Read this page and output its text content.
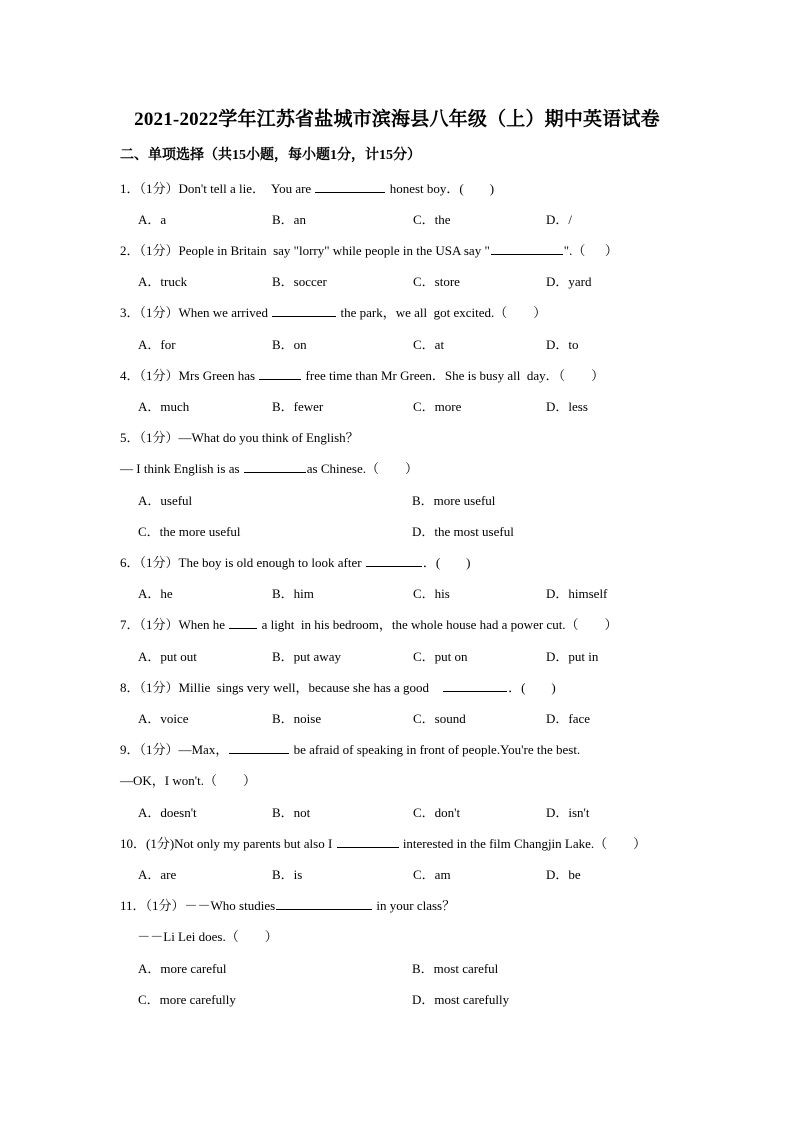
2021-2022学年江苏省盐城市滨海县八年级（上）期中英语试卷
二、单项选择（共15小题，每小题1分，计15分）
1．（1分）Don't tell a lie．  You are	honest boy．(        )
A．a	B．an	C．the	D．/
2．（1分）People in Britain  say "lorry" while people in the USA say "	".（      ）
A．truck	B．soccer	C．store	D．yard
3．（1分）When we arrived	the park，we all  got excited.（        ）
A．for	B．on	C．at	D．to
4．（1分）Mrs Green has	free time than Mr Green．She is busy all  day．（        ）
A．much	B．fewer	C．more	D．less
5．（1分）—What do you think of English？
— I think English is as	as Chinese.（        ）
A．useful	B．more useful
C．the more useful	D．the most useful
6．（1分）The boy is old enough to look after	．(        )
A．he	B．him	C．his	D．himself
7．（1分）When he  a light  in his bedroom，the whole house had a power cut.（        ）
A．put out	B．put away	C．put on	D．put in
8．（1分）Millie  sings very well，because she has a good	．(        )
A．voice	B．noise	C．sound	D．face
9．（1分）—Max，	be afraid of speaking in front of people.You're the best.
—OK，I won't.（        ）
A．doesn't	B．not	C．don't	D．isn't
10．(1分)Not only my parents but also I	interested in the film Changjin Lake.（        ）
A．are	B．is	C．am	D．be
11．（1分）－－Who studies	in your class？
－－Li Lei does.（        ）
A．more careful	B．most careful
C．more carefully	D．most carefully
